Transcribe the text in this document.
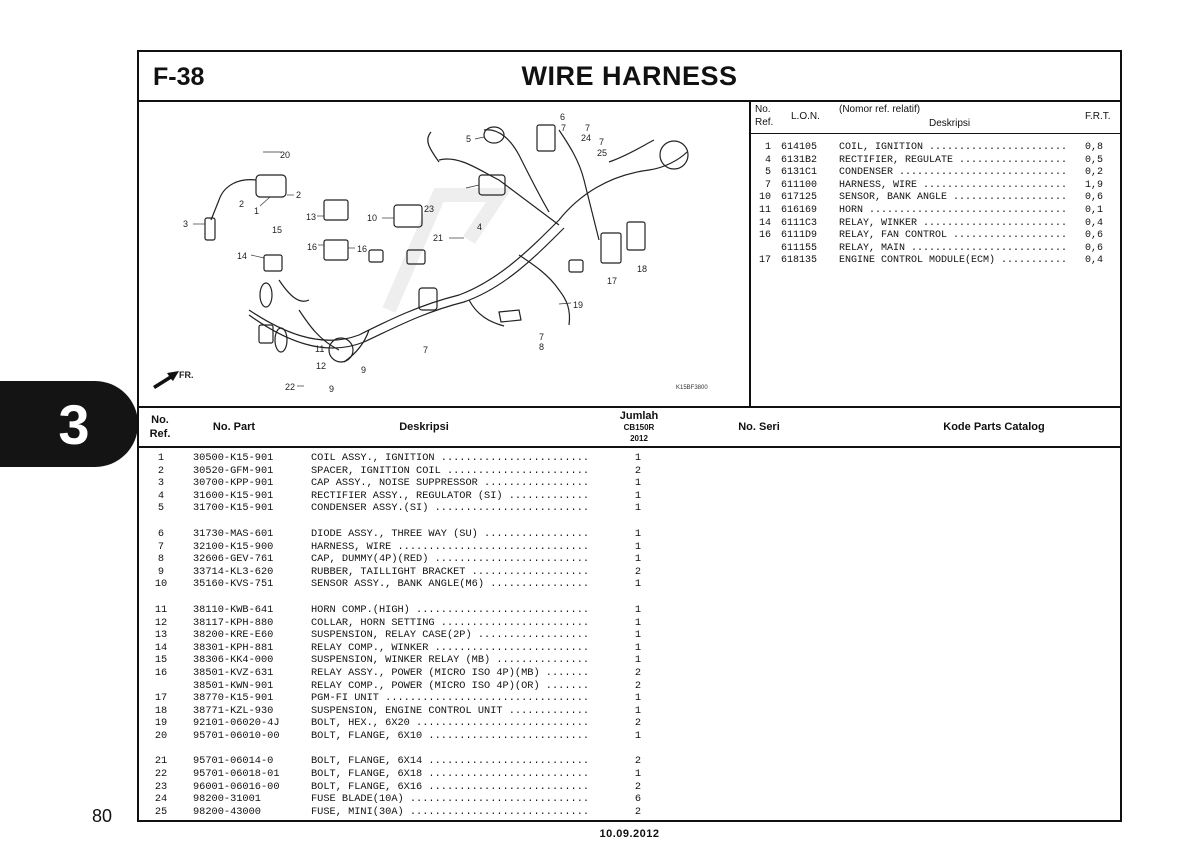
3
80
F-38	WIRE HARNESS
20
2
2
1
3
15
14
13
16	16
10
23
21
4
5
6
7 7
24 7
25
18
17
19
7
8
7
11
12	9
9
22
FR.
K15BF3800
No.
Ref.
L.O.N.
(Nomor ref. relatif)
Deskripsi
F.R.T.
1 614105 COIL, IGNITION ....................... 0,8
4 6131B2 RECTIFIER, REGULATE .................. 0,5
5 6131C1 CONDENSER ............................ 0,2
7 611100 HARNESS, WIRE ........................ 1,9
10 617125 SENSOR, BANK ANGLE ................... 0,6
11 616169 HORN ................................. 0,1
14 6111C3 RELAY, WINKER ........................ 0,4
16 6111D9 RELAY, FAN CONTROL ................... 0,6
611155 RELAY, MAIN .......................... 0,6
17 618135 ENGINE CONTROL MODULE(ECM) ........... 0,4
No.
Ref.
No. Part	Deskripsi
Jumlah
CB150R
2012
No. Seri	Kode Parts Catalog
1	30500-K15-901	COIL ASSY., IGNITION ........................	1
2	30520-GFM-901	SPACER, IGNITION COIL .......................	2
3	30700-KPP-901	CAP ASSY., NOISE SUPPRESSOR .................	1
4	31600-K15-901	RECTIFIER ASSY., REGULATOR (SI) .............	1
5	31700-K15-901	CONDENSER ASSY.(SI) .........................	1
6	31730-MAS-601	DIODE ASSY., THREE WAY (SU) .................	1
7	32100-K15-900	HARNESS, WIRE ...............................	1
8	32606-GEV-761	CAP, DUMMY(4P)(RED) .........................	1
9	33714-KL3-620	RUBBER, TAILLIGHT BRACKET ...................	2
10	35160-KVS-751	SENSOR ASSY., BANK ANGLE(M6) ................	1
11	38110-KWB-641	HORN COMP.(HIGH) ............................	1
12	38117-KPH-880	COLLAR, HORN SETTING ........................	1
13	38200-KRE-E60	SUSPENSION, RELAY CASE(2P) ..................	1
14	38301-KPH-881	RELAY COMP., WINKER .........................	1
15	38306-KK4-000	SUSPENSION, WINKER RELAY (MB) ...............	1
16	38501-KVZ-631	RELAY ASSY., POWER (MICRO ISO 4P)(MB) .......	2
38501-KWN-901	RELAY COMP., POWER (MICRO ISO 4P)(OR) .......	2
17	38770-K15-901	PGM-FI UNIT .................................	1
18	38771-KZL-930	SUSPENSION, ENGINE CONTROL UNIT .............	1
19	92101-06020-4J	BOLT, HEX., 6X20 ............................	2
20	95701-06010-00	BOLT, FLANGE, 6X10 ..........................	1
21	95701-06014-0	BOLT, FLANGE, 6X14 ..........................	2
22	95701-06018-01	BOLT, FLANGE, 6X18 ..........................	1
23	96001-06016-00	BOLT, FLANGE, 6X16 ..........................	2
24	98200-31001	FUSE BLADE(10A) .............................	6
25	98200-43000	FUSE, MINI(30A) .............................	2
10.09.2012
